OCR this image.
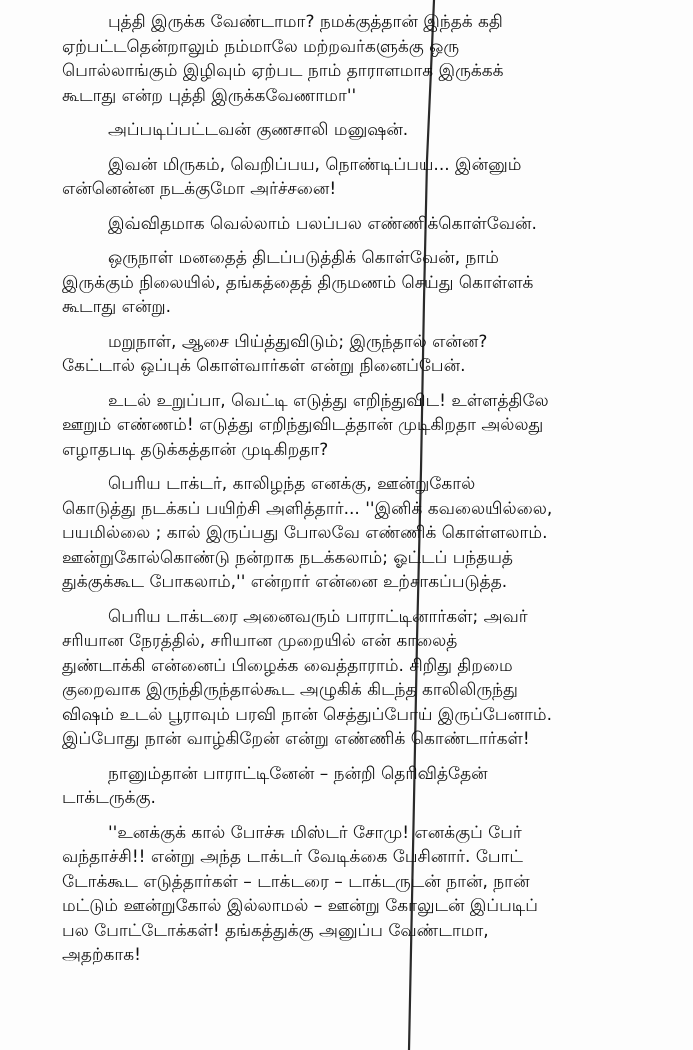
புத்தி இருக்க வேண்டாமா? நமக்குத்தான் இந்தக் கதி
ஏற்பட்டதென்றாலும் நம்மாலே மற்றவர்களுக்கு ஒரு
பொல்லாங்கும் இழிவும் ஏற்பட நாம் தாராளமாக இருக்கக்
கூடாது என்ற புத்தி இருக்கவேணாமா''

அப்படிப்பட்டவன் குணசாலி மனுஷன்.

இவன் மிருகம், வெறிப்பய, நொண்டிப்பய... இன்னும்
என்னென்ன நடக்குமோ அர்ச்சனை!

இவ்விதமாக வெல்லாம் பலப்பல எண்ணிக்கொள்வேன்.

ஒருநாள் மனதைத் திடப்படுத்திக் கொள்வேன், நாம்
இருக்கும் நிலையில், தங்கத்தைத் திருமணம் செய்து கொள்ளக்
கூடாது என்று.

மறுநாள், ஆசை பிய்த்துவிடும்; இருந்தால் என்ன?
கேட்டால் ஒப்புக் கொள்வார்கள் என்று நினைப்பேன்.

உடல் உறுப்பா, வெட்டி எடுத்து எறிந்துவிட! உள்ளத்திலே
ஊறும் எண்ணம்! எடுத்து எறிந்துவிடத்தான் முடிகிறதா அல்லது
எழாதபடி தடுக்கத்தான் முடிகிறதா?

பெரிய டாக்டர், காலிழந்த எனக்கு, ஊன்றுகோல்
கொடுத்து நடக்கப் பயிற்சி அளித்தார்... ''இனிக் கவலையில்லை,
பயமில்லை ; கால் இருப்பது போலவே எண்ணிக் கொள்ளலாம்.
ஊன்றுகோல்கொண்டு நன்றாக நடக்கலாம்; ஓட்டப் பந்தயத்
துக்குக்கூட போகலாம்,'' என்றார் என்னை உற்சாகப்படுத்த.

பெரிய டாக்டரை அனைவரும் பாராட்டினார்கள்; அவர்
சரியான நேரத்தில், சரியான முறையில் என் காலைத்
துண்டாக்கி என்னைப் பிழைக்க வைத்தாராம். சிறிது திறமை
குறைவாக இருந்திருந்தால்கூட அழுகிக் கிடந்த காலிலிருந்து
விஷம் உடல் பூராவும் பரவி நான் செத்துப்போய் இருப்பேனாம்.
இப்போது நான் வாழ்கிறேன் என்று எண்ணிக் கொண்டார்கள்!

நானும்தான் பாராட்டினேன் – நன்றி தெரிவித்தேன்
டாக்டருக்கு.

''உனக்குக் கால் போச்சு மிஸ்டர் சோமு! எனக்குப் பேர்
வந்தாச்சி!! என்று அந்த டாக்டர் வேடிக்கை பேசினார். போட்
டோக்கூட எடுத்தார்கள் – டாக்டரை – டாக்டருடன் நான், நான்
மட்டும் ஊன்றுகோல் இல்லாமல் – ஊன்று கோலுடன் இப்படிப்
பல போட்டோக்கள்! தங்கத்துக்கு அனுப்ப வேண்டாமா,
அதற்காக!
